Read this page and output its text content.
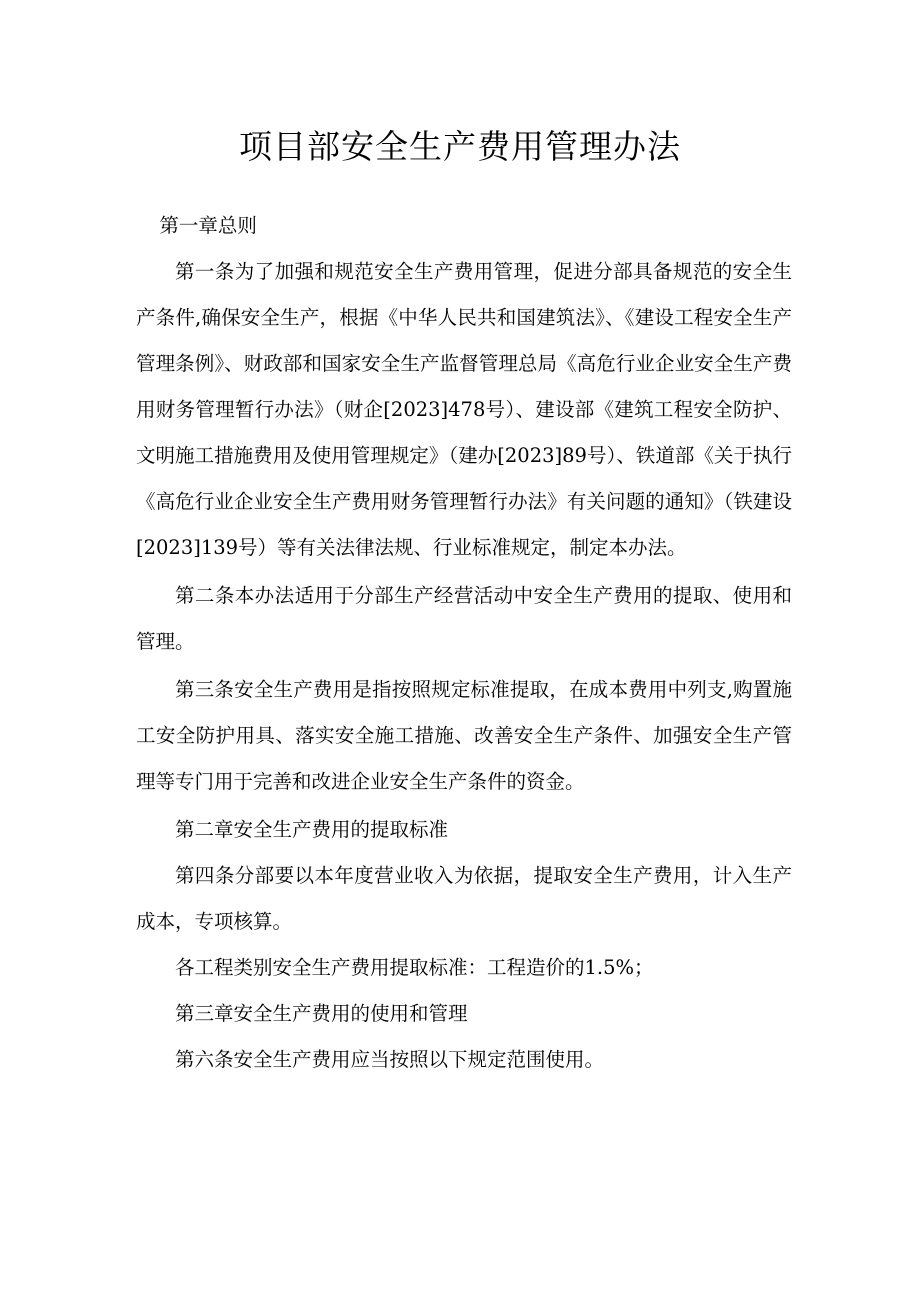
项目部安全生产费用管理办法

第一章总则

第一条为了加强和规范安全生产费用管理，促进分部具备规范的安全生产条件,确保安全生产，根据《中华人民共和国建筑法》、《建设工程安全生产管理条例》、财政部和国家安全生产监督管理总局《高危行业企业安全生产费用财务管理暂行办法》（财企[2023]478号）、建设部《建筑工程安全防护、文明施工措施费用及使用管理规定》（建办[2023]89号）、铁道部《关于执行《高危行业企业安全生产费用财务管理暂行办法》有关问题的通知》（铁建设[2023]139号）等有关法律法规、行业标准规定，制定本办法。

第二条本办法适用于分部生产经营活动中安全生产费用的提取、使用和管理。

第三条安全生产费用是指按照规定标准提取，在成本费用中列支,购置施工安全防护用具、落实安全施工措施、改善安全生产条件、加强安全生产管理等专门用于完善和改进企业安全生产条件的资金。

第二章安全生产费用的提取标准

第四条分部要以本年度营业收入为依据，提取安全生产费用，计入生产成本，专项核算。

各工程类别安全生产费用提取标准：工程造价的1.5%；

第三章安全生产费用的使用和管理

第六条安全生产费用应当按照以下规定范围使用。
